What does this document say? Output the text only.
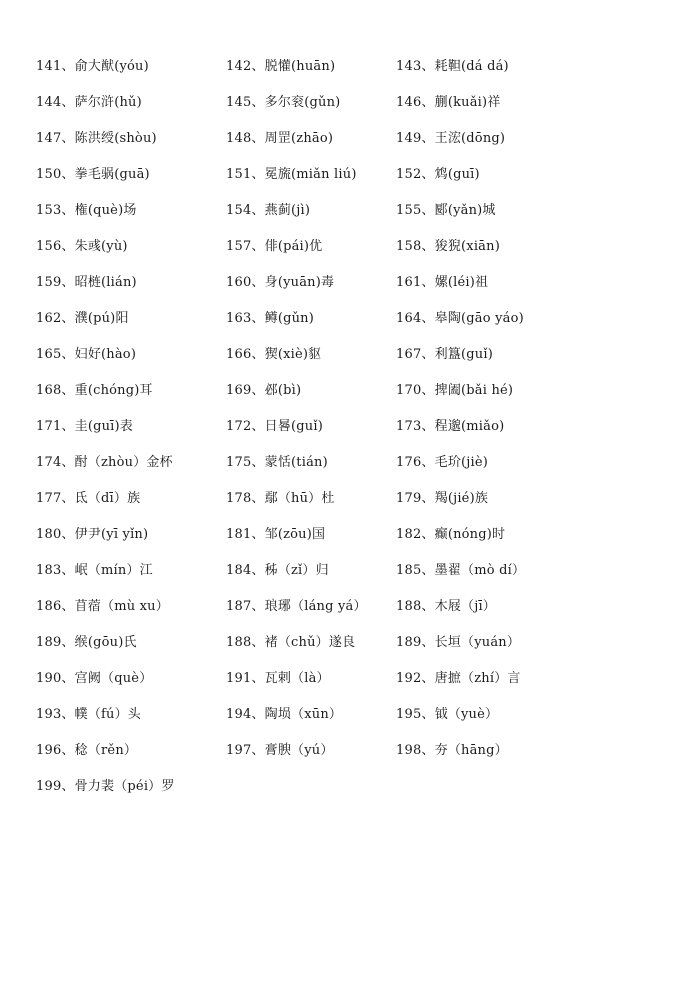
141、俞大猷(yóu)	142、脱懽(huān)	143、耗靼(dá dá)
144、萨尔浒(hǔ)	145、多尔衮(gǔn)	146、蒯(kuǎi)祥
147、陈洪绶(shòu)	148、周罡(zhāo)	149、王浤(dōng)
150、拳毛䯄(guā)	151、冕旒(miǎn liú)	152、鸩(guī)
153、権(què)场	154、燕蓟(jì)	155、郾(yǎn)城
156、朱彧(yù)	157、俳(pái)优	158、狻猊(xiān)
159、昭梿(lián)	160、身(yuān)毒	161、嫘(léi)祖
162、濮(pú)阳	163、鳟(gǔn)	164、皋陶(gāo yáo)
165、妇好(hào)	166、猰(xiè)䝙	167、利簋(guǐ)
168、重(chóng)耳	169、邲(bì)	170、捭阖(bǎi hé)
171、圭(guī)表	172、日晷(guǐ)	173、程邈(miǎo)
174、酎（zhòu）金杯	175、蒙恬(tián)	176、毛玠(jiè)
177、氐（dī）族	178、鄢（hū）杜	179、羯(jié)族
180、伊尹(yī yǐn)	181、邹(zōu)国	182、癫(nóng)时
183、岷（mín）江	184、秭（zǐ）归	185、墨翟（mò dí）
186、苜蓿（mù xu）	187、琅琊（láng yá） 188、木屐（jī）
189、缑(gōu)氏	188、褚（chǔ）遂良	189、长垣（yuán）
190、宫阙（què）	191、瓦剌（là）	192、唐摭（zhí）言
193、幞（fú）头	194、陶埙（xūn）	195、钺（yuè）
196、稔（rěn）	197、膏腴（yú）	198、夯（hāng）
199、骨力裴（péi）罗
